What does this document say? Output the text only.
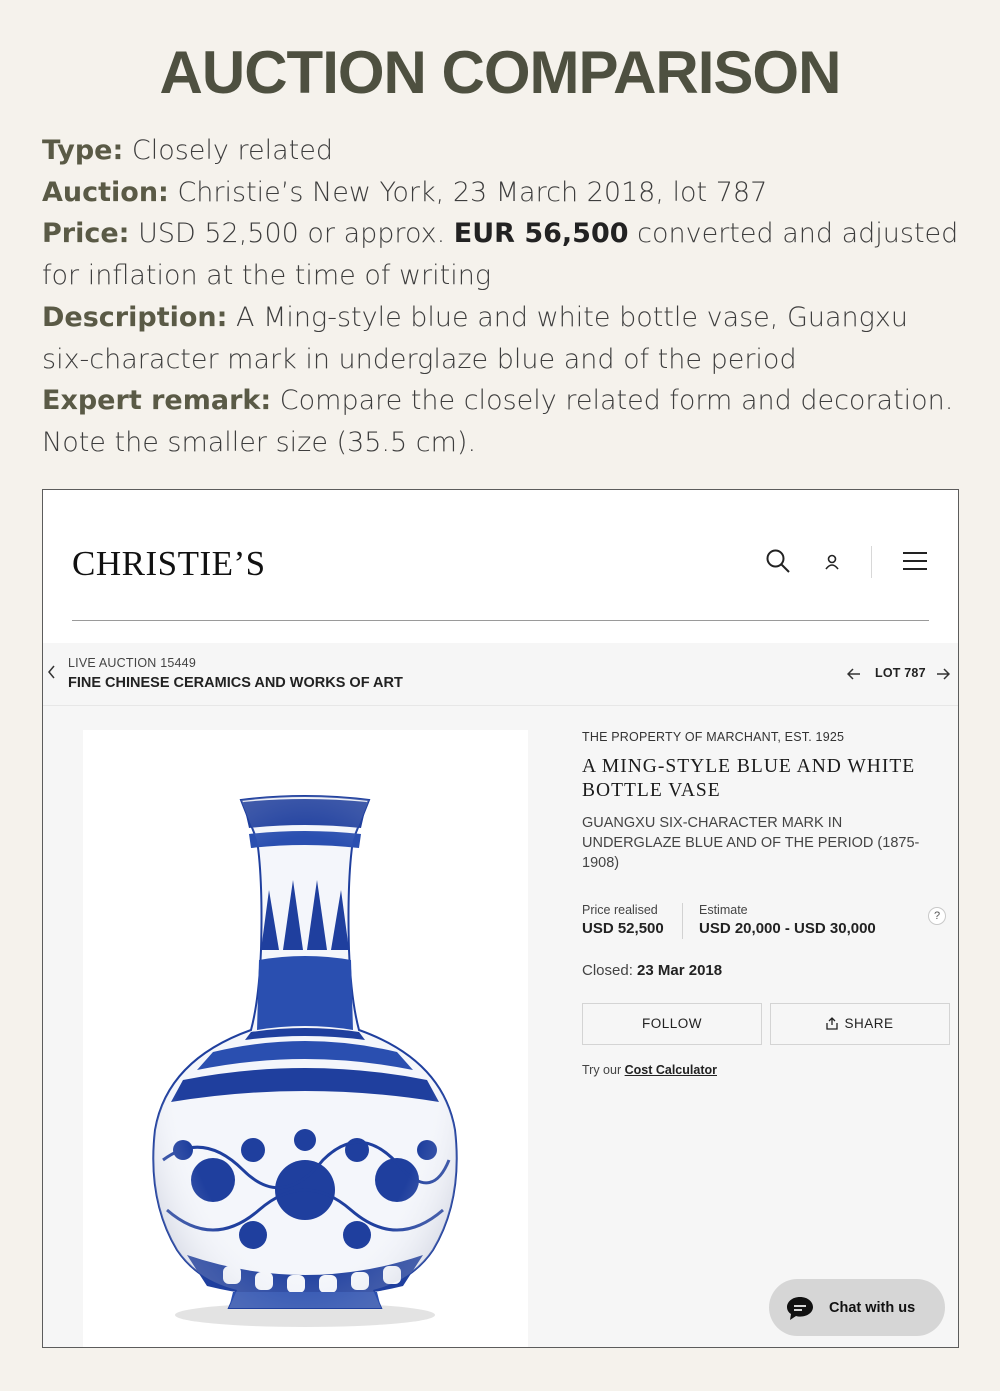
AUCTION COMPARISON

Type: Closely related

Auction: Christie’s New York, 23 March 2018, lot 787

Price: USD 52,500 or approx. EUR 56,500 converted and adjusted for inflation at the time of writing

Description: A Ming-style blue and white bottle vase, Guangxu six-character mark in underglaze blue and of the period

Expert remark: Compare the closely related form and decoration. Note the smaller size (35.5 cm).

CHRISTIE’S
LIVE AUCTION 15449
FINE CHINESE CERAMICS AND WORKS OF ART
LOT 787
THE PROPERTY OF MARCHANT, EST. 1925
A MING-STYLE BLUE AND WHITE BOTTLE VASE
GUANGXU SIX-CHARACTER MARK IN UNDERGLAZE BLUE AND OF THE PERIOD (1875-1908)
Price realised
USD 52,500
Estimate
USD 20,000 - USD 30,000
?
Closed: 23 Mar 2018
FOLLOW	SHARE
Try our Cost Calculator
Chat with us
